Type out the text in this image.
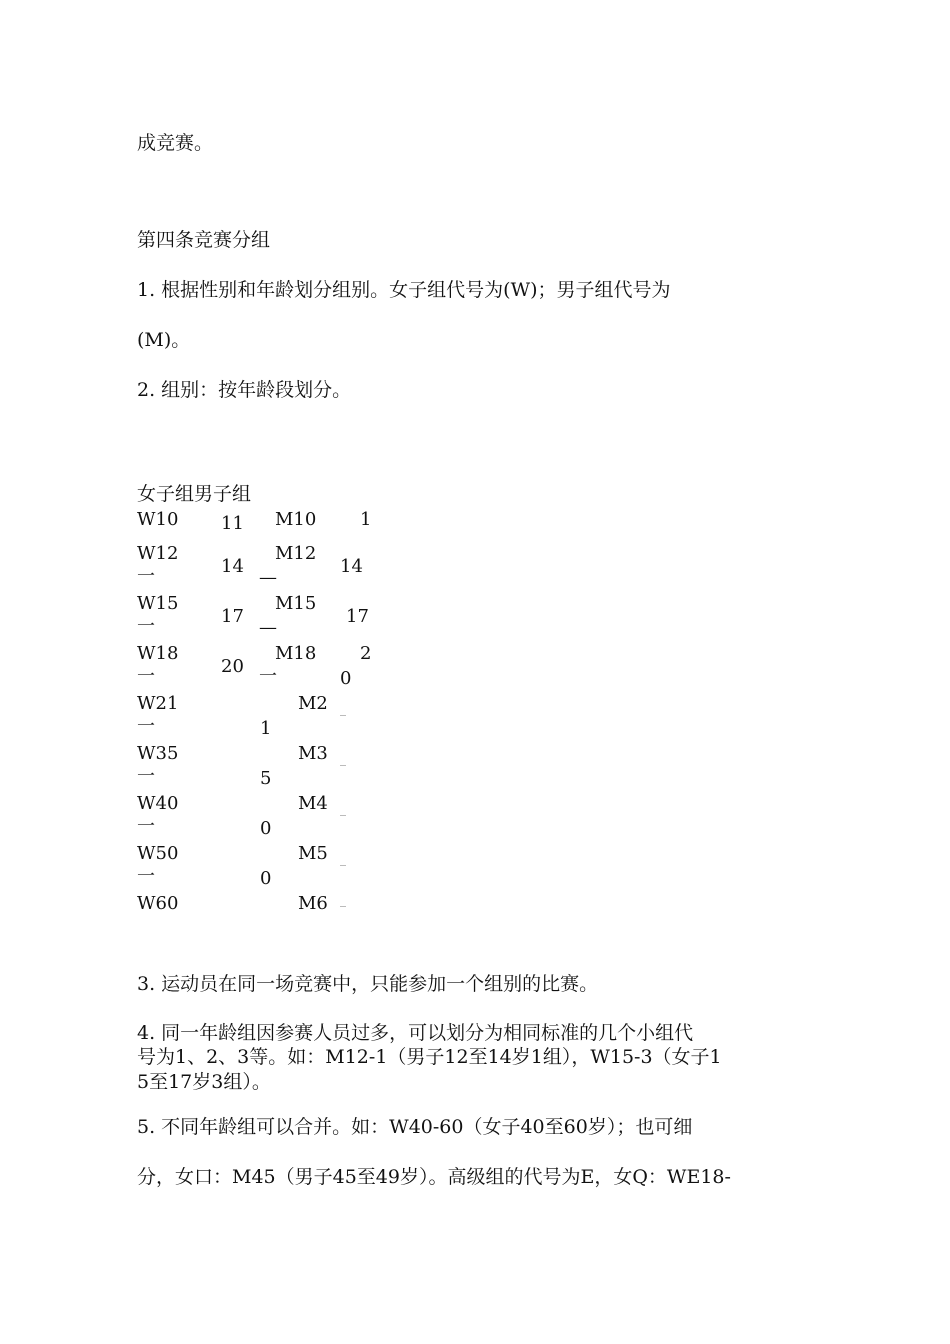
成竞赛。
第四条竞赛分组
1. 根据性别和年龄划分组别。女子组代号为(W)；男子组代号为
(M)。
2. 组别：按年龄段划分。
女子组男子组
W10
W12
一
W15
一
W18
一
W21
一
W35
一
W40
一
W50
一
W60
11
14
17
20
M10
M12
—
M15
—
M18
一
M2
M3
M4
M5
M6
1
5
0
0
1
14
17
2
0
3. 运动员在同一场竞赛中，只能参加一个组别的比赛。
4. 同一年龄组因参赛人员过多，可以划分为相同标准的几个小组代
号为1、2、3等。如：M12-1（男子12至14岁1组），W15-3（女子1
5至17岁3组）。
5. 不同年龄组可以合并。如：W40-60（女子40至60岁）；也可细
分，女口：M45（男子45至49岁）。高级组的代号为E，女Q：WE18-
